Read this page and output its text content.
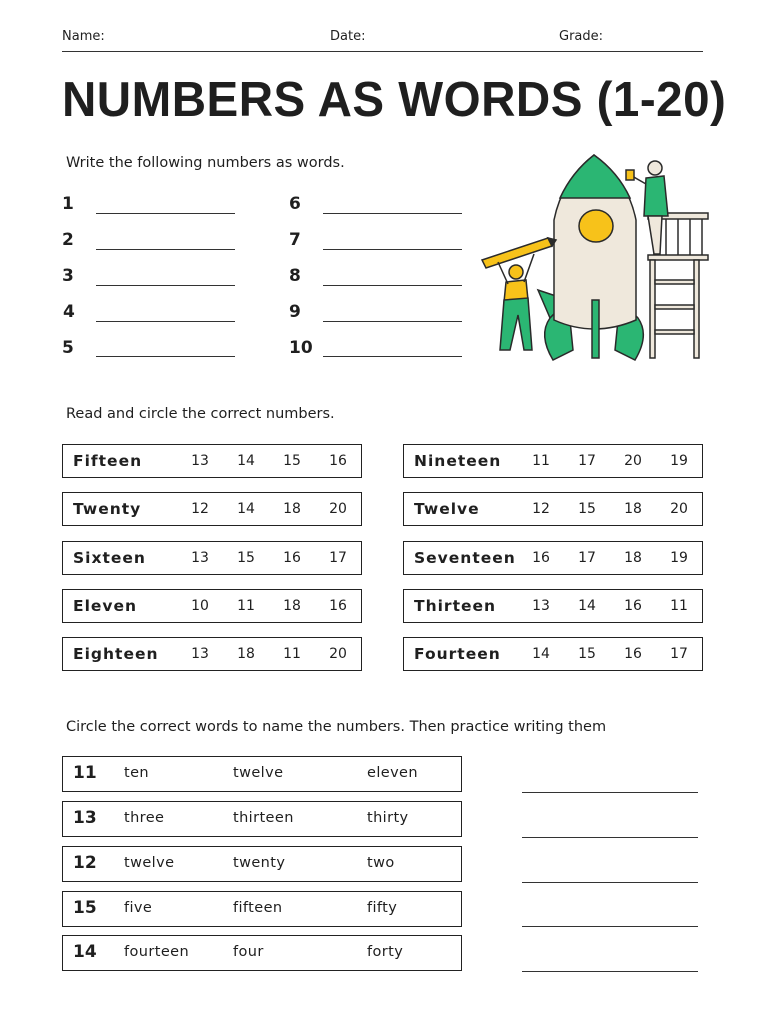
Name:	Date:	Grade:
NUMBERS AS WORDS (1-20)
Write the following numbers as words.
1
2
3
4
5
6
7
8
9
10
Read and circle the correct numbers.
Fifteen	13	14	15	16
Twenty	12	14	18	20
Sixteen	13	15	16	17
Eleven	10	11	18	16
Eighteen	13	18	11	20
Nineteen	11	17	20	19
Twelve	12	15	18	20
Seventeen	16	17	18	19
Thirteen	13	14	16	11
Fourteen	14	15	16	17
Circle the correct words to name the numbers. Then practice writing them
11 ten	twelve	eleven
13 three	thirteen	thirty
12 twelve	twenty	two
15 five	fifteen	fifty
14 fourteen	four	forty
